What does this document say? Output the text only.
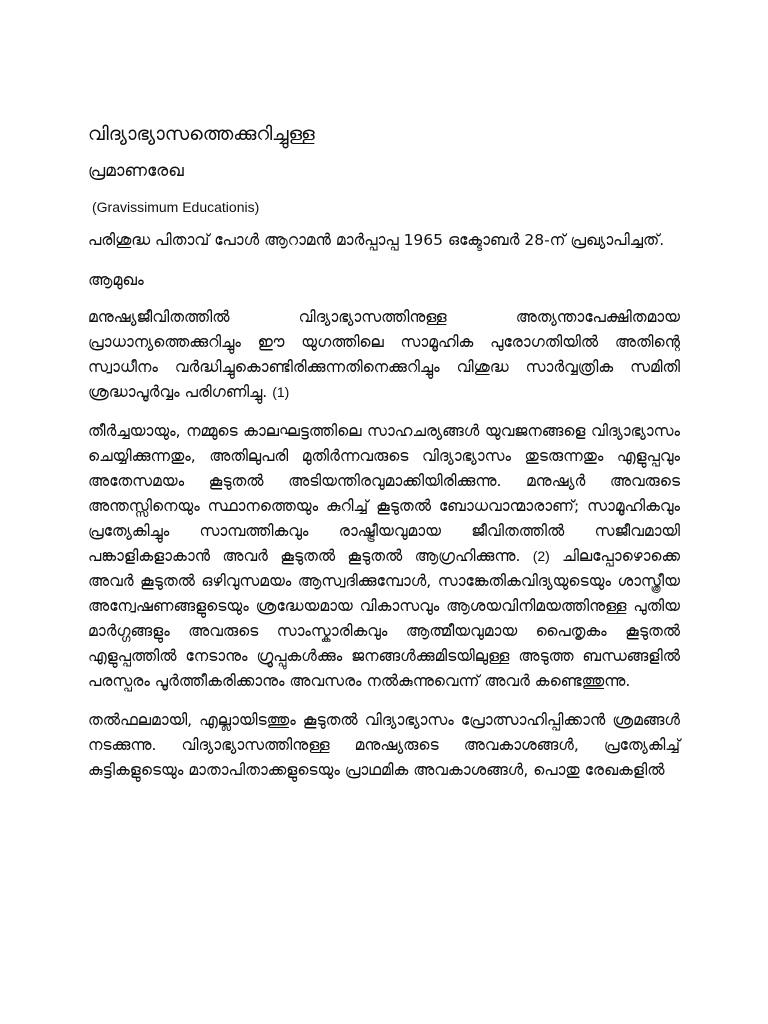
വിദ്യാഭ്യാസത്തെക്കുറിച്ചുള്ള
പ്രമാണരേഖ
(Gravissimum Educationis)
പരിശുദ്ധ പിതാവ് പോൾ ആറാമൻ മാർപ്പാപ്പ 1965 ഒക്ടോബർ 28-ന് പ്രഖ്യാപിച്ചത്.
ആമുഖം
മനുഷ്യജീവിതത്തിൽ വിദ്യാഭ്യാസത്തിനുള്ള അത്യന്താപേക്ഷിതമായ പ്രാധാന്യത്തെക്കുറിച്ചും ഈ യുഗത്തിലെ സാമൂഹിക പുരോഗതിയിൽ അതിന്റെ സ്വാധീനം വർദ്ധിച്ചുകൊണ്ടിരിക്കുന്നതിനെക്കുറിച്ചും വിശുദ്ധ സാർവ്വത്രിക സമിതി ശ്രദ്ധാപൂർവ്വം പരിഗണിച്ചു. (1)
തീർച്ചയായും, നമ്മുടെ കാലഘട്ടത്തിലെ സാഹചര്യങ്ങൾ യുവജനങ്ങളെ വിദ്യാഭ്യാസം ചെയ്യിക്കുന്നതും, അതിലുപരി മുതിർന്നവരുടെ വിദ്യാഭ്യാസം തുടരുന്നതും എളുപ്പവും അതേസമയം കൂടുതൽ അടിയന്തിരവുമാക്കിയിരിക്കുന്നു. മനുഷ്യർ അവരുടെ അന്തസ്സിനെയും സ്ഥാനത്തെയും കുറിച്ച് കൂടുതൽ ബോധവാന്മാരാണ്; സാമൂഹികവും പ്രത്യേകിച്ചും സാമ്പത്തികവും രാഷ്ട്രീയവുമായ ജീവിതത്തിൽ സജീവമായി പങ്കാളികളാകാൻ അവർ കൂടുതൽ കൂടുതൽ ആഗ്രഹിക്കുന്നു. (2) ചിലപ്പോഴൊക്കെ അവർ കൂടുതൽ ഒഴിവുസമയം ആസ്വദിക്കുമ്പോൾ, സാങ്കേതികവിദ്യയുടെയും ശാസ്ത്രീയ അന്വേഷണങ്ങളുടെയും ശ്രദ്ധേയമായ വികാസവും ആശയവിനിമയത്തിനുള്ള പുതിയ മാർഗ്ഗങ്ങളും അവരുടെ സാംസ്കാരികവും ആത്മീയവുമായ പൈതൃകം കൂടുതൽ എളുപ്പത്തിൽ നേടാനും ഗ്രൂപ്പുകൾക്കും ജനങ്ങൾക്കുമിടയിലുള്ള അടുത്ത ബന്ധങ്ങളിൽ പരസ്പരം പൂർത്തീകരിക്കാനും അവസരം നൽകുന്നുവെന്ന് അവർ കണ്ടെത്തുന്നു.
തൽഫലമായി, എല്ലായിടത്തും കൂടുതൽ വിദ്യാഭ്യാസം പ്രോത്സാഹിപ്പിക്കാൻ ശ്രമങ്ങൾ നടക്കുന്നു. വിദ്യാഭ്യാസത്തിനുള്ള മനുഷ്യരുടെ അവകാശങ്ങൾ, പ്രത്യേകിച്ച് കുട്ടികളുടെയും മാതാപിതാക്കളുടെയും പ്രാഥമിക അവകാശങ്ങൾ, പൊതു രേഖകളിൽ
